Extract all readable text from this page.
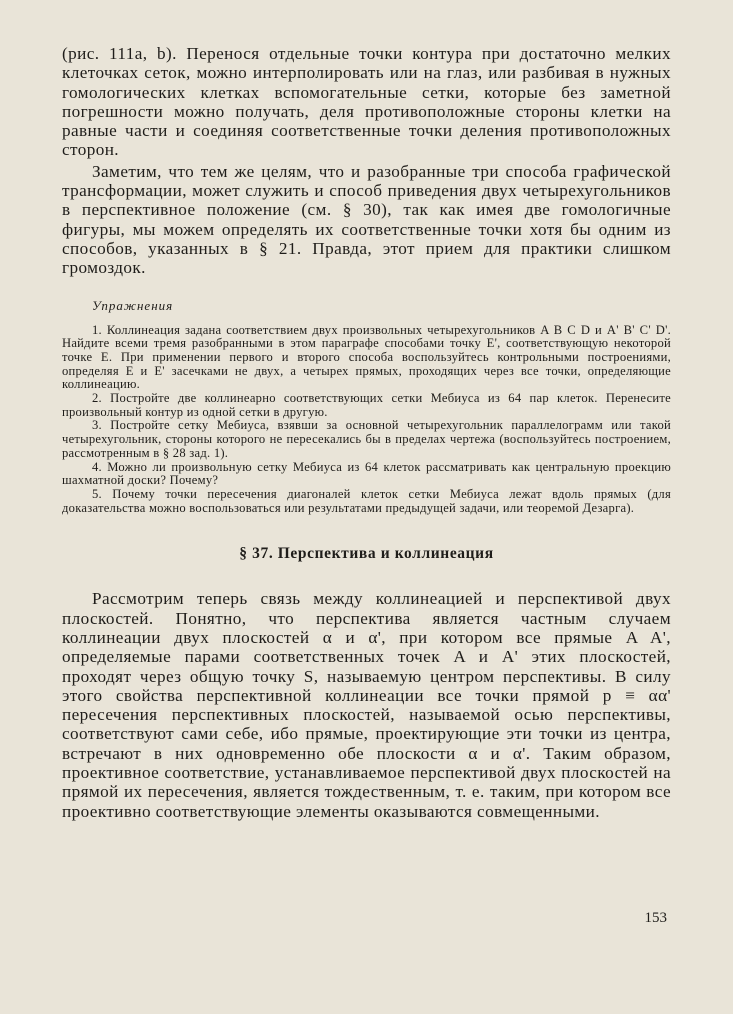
(рис. 111a, b). Перенося отдельные точки контура при достаточно мелких клеточках сеток, можно интерполировать или на глаз, или разбивая в нужных гомологических клетках вспомогательные сетки, которые без заметной погрешности можно получать, деля противоположные стороны клетки на равные части и соединяя соответственные точки деления противоположных сторон.

Заметим, что тем же целям, что и разобранные три способа графической трансформации, может служить и способ приведения двух четырехугольников в перспективное положение (см. § 30), так как имея две гомологичные фигуры, мы можем определять их соответственные точки хотя бы одним из способов, указанных в § 21. Правда, этот прием для практики слишком громоздок.

Упражнения

1. Коллинеация задана соответствием двух произвольных четырехугольников A B C D и A' B' C' D'. Найдите всеми тремя разобранными в этом параграфе способами точку E', соответствующую некоторой точке E. При применении первого и второго способа воспользуйтесь контрольными построениями, определяя E и E' засечками не двух, а четырех прямых, проходящих через все точки, определяющие коллинеацию.

2. Постройте две коллинеарно соответствующих сетки Мебиуса из 64 пар клеток. Перенесите произвольный контур из одной сетки в другую.

3. Постройте сетку Мебиуса, взявши за основной четырехугольник параллелограмм или такой четырехугольник, стороны которого не пересекались бы в пределах чертежа (воспользуйтесь построением, рассмотренным в § 28 зад. 1).

4. Можно ли произвольную сетку Мебиуса из 64 клеток рассматривать как центральную проекцию шахматной доски? Почему?

5. Почему точки пересечения диагоналей клеток сетки Мебиуса лежат вдоль прямых (для доказательства можно воспользоваться или результатами предыдущей задачи, или теоремой Дезарга).

§ 37. Перспектива и коллинеация

Рассмотрим теперь связь между коллинеацией и перспективой двух плоскостей. Понятно, что перспектива является частным случаем коллинеации двух плоскостей α и α', при котором все прямые A A', определяемые парами соответственных точек A и A' этих плоскостей, проходят через общую точку S, называемую центром перспективы. В силу этого свойства перспективной коллинеации все точки прямой p ≡ αα' пересечения перспективных плоскостей, называемой осью перспективы, соответствуют сами себе, ибо прямые, проектирующие эти точки из центра, встречают в них одновременно обе плоскости α и α'. Таким образом, проективное соответствие, устанавливаемое перспективой двух плоскостей на прямой их пересечения, является тождественным, т. е. таким, при котором все проективно соответствующие элементы оказываются совмещенными.

153
